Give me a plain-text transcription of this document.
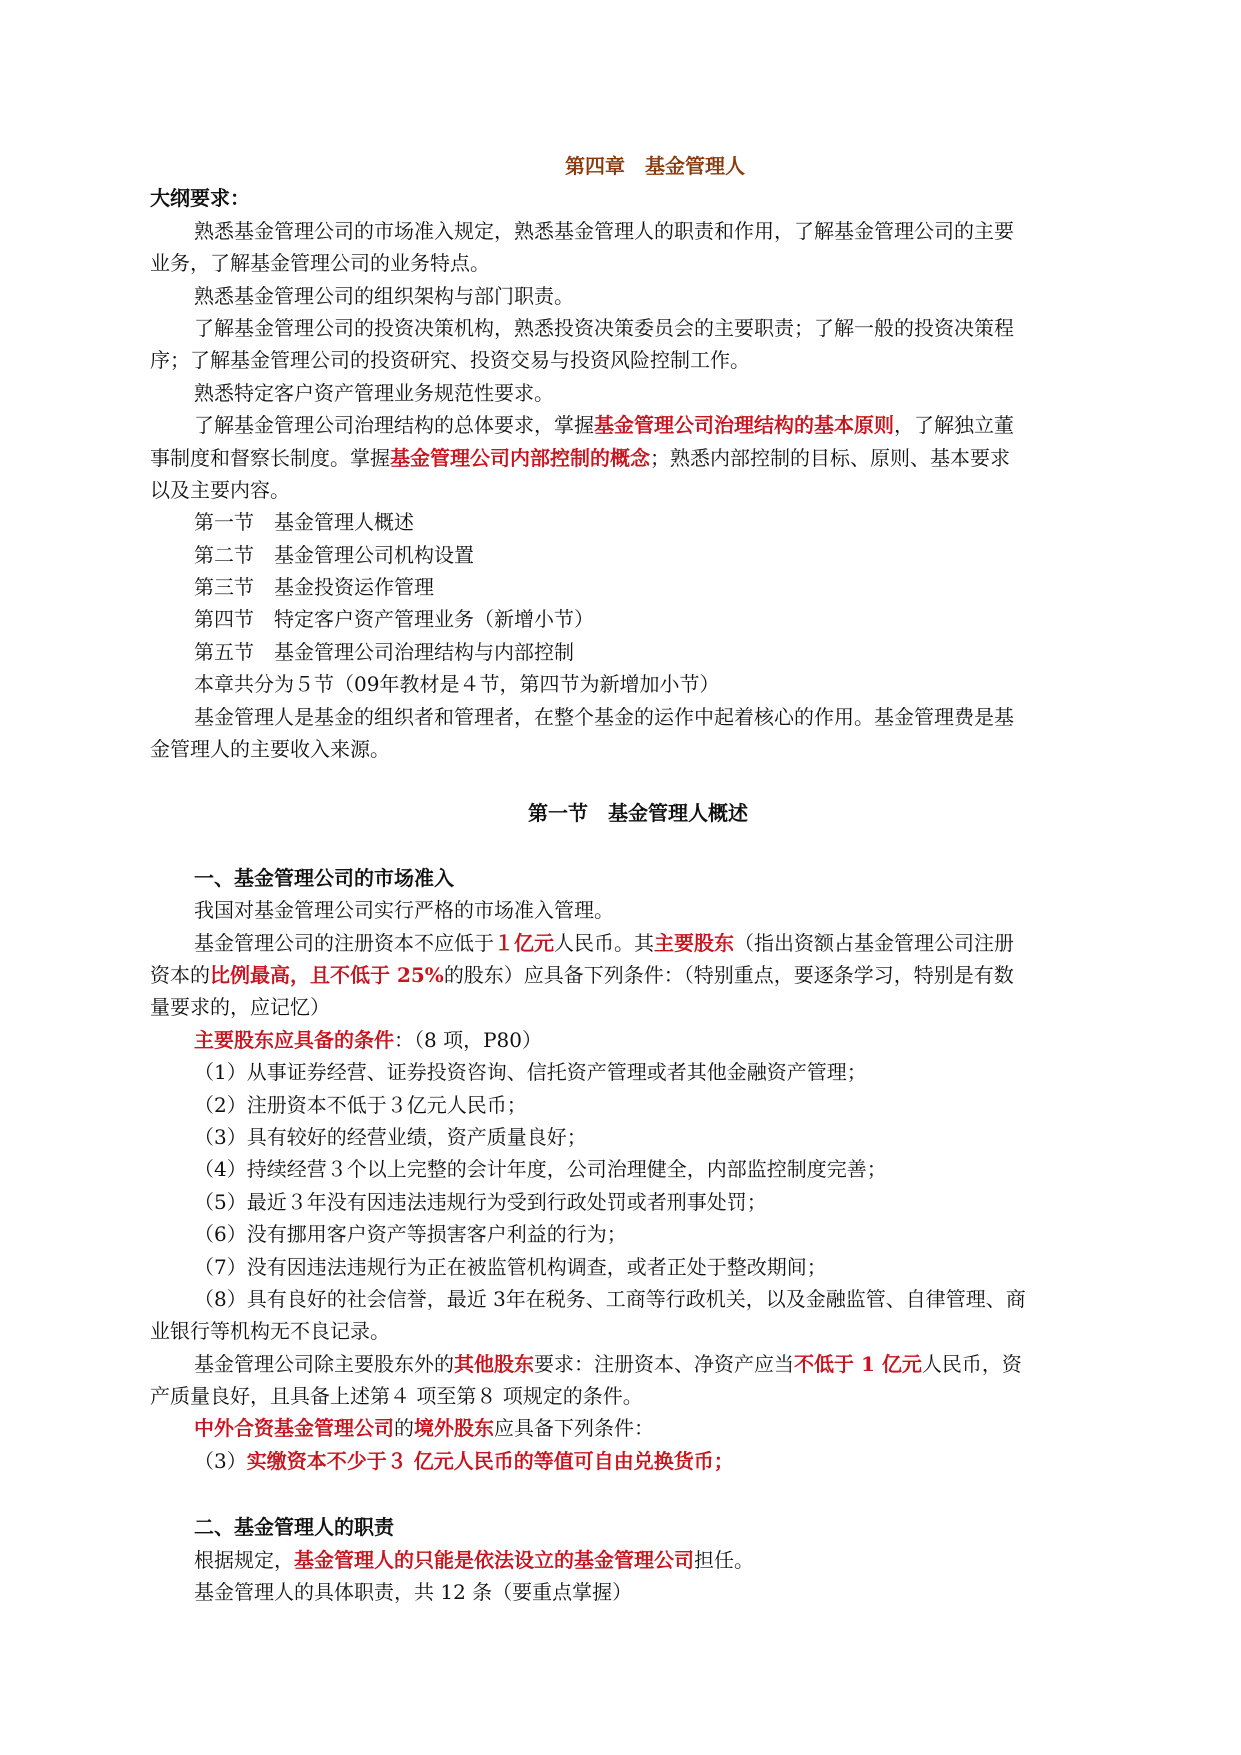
第四章　基金管理人
大纲要求：
熟悉基金管理公司的市场准入规定，熟悉基金管理人的职责和作用，了解基金管理公司的主要
业务，了解基金管理公司的业务特点。
熟悉基金管理公司的组织架构与部门职责。
了解基金管理公司的投资决策机构，熟悉投资决策委员会的主要职责；了解一般的投资决策程
序；了解基金管理公司的投资研究、投资交易与投资风险控制工作。
熟悉特定客户资产管理业务规范性要求。
了解基金管理公司治理结构的总体要求，掌握基金管理公司治理结构的基本原则，了解独立董
事制度和督察长制度。掌握基金管理公司内部控制的概念；熟悉内部控制的目标、原则、基本要求
以及主要内容。
第一节　基金管理人概述
第二节　基金管理公司机构设置
第三节　基金投资运作管理
第四节　特定客户资产管理业务（新增小节）
第五节　基金管理公司治理结构与内部控制
本章共分为５节（09年教材是４节，第四节为新增加小节）
基金管理人是基金的组织者和管理者，在整个基金的运作中起着核心的作用。基金管理费是基
金管理人的主要收入来源。
第一节　基金管理人概述
一、基金管理公司的市场准入
我国对基金管理公司实行严格的市场准入管理。
基金管理公司的注册资本不应低于１亿元人民币。其主要股东（指出资额占基金管理公司注册
资本的比例最高，且不低于 25%的股东）应具备下列条件：（特别重点，要逐条学习，特别是有数
量要求的，应记忆）
主要股东应具备的条件：（8 项，P80）
（1）从事证券经营、证券投资咨询、信托资产管理或者其他金融资产管理；
（2）注册资本不低于３亿元人民币；
（3）具有较好的经营业绩，资产质量良好；
（4）持续经营３个以上完整的会计年度，公司治理健全，内部监控制度完善；
（5）最近３年没有因违法违规行为受到行政处罚或者刑事处罚；
（6）没有挪用客户资产等损害客户利益的行为；
（7）没有因违法违规行为正在被监管机构调查，或者正处于整改期间；
（8）具有良好的社会信誉，最近 3年在税务、工商等行政机关，以及金融监管、自律管理、商
业银行等机构无不良记录。
基金管理公司除主要股东外的其他股东要求：注册资本、净资产应当不低于 1 亿元人民币，资
产质量良好，且具备上述第４ 项至第８ 项规定的条件。
中外合资基金管理公司的境外股东应具备下列条件：
（3）实缴资本不少于３ 亿元人民币的等值可自由兑换货币；
二、基金管理人的职责
根据规定，基金管理人的只能是依法设立的基金管理公司担任。
基金管理人的具体职责，共 12 条（要重点掌握）
